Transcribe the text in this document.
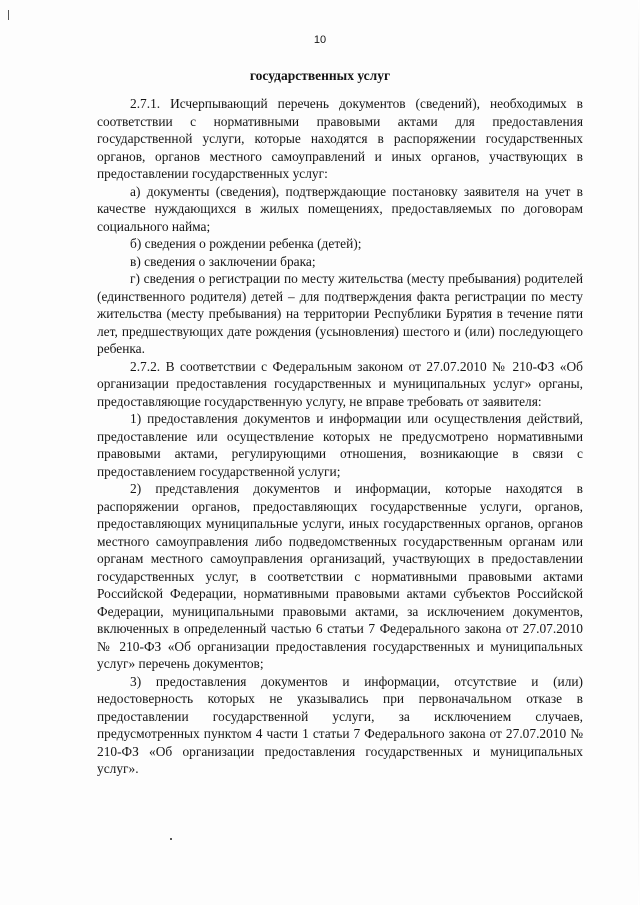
10
государственных услуг

2.7.1. Исчерпывающий перечень документов (сведений), необходимых в соответствии с нормативными правовыми актами для предоставления государственной услуги, которые находятся в распоряжении государственных органов, органов местного самоуправлений и иных органов, участвующих в предоставлении государственных услуг:

а) документы (сведения), подтверждающие постановку заявителя на учет в качестве нуждающихся в жилых помещениях, предоставляемых по договорам социального найма;

б) сведения о рождении ребенка (детей);

в) сведения о заключении брака;

г) сведения о регистрации по месту жительства (месту пребывания) родителей (единственного родителя) детей – для подтверждения факта регистрации по месту жительства (месту пребывания) на территории Республики Бурятия в течение пяти лет, предшествующих дате рождения (усыновления) шестого и (или) последующего ребенка.

2.7.2. В соответствии с Федеральным законом от 27.07.2010 № 210-ФЗ «Об организации предоставления государственных и муниципальных услуг» органы, предоставляющие государственную услугу, не вправе требовать от заявителя:

1) предоставления документов и информации или осуществления действий, предоставление или осуществление которых не предусмотрено нормативными правовыми актами, регулирующими отношения, возникающие в связи с предоставлением государственной услуги;

2) представления документов и информации, которые находятся в распоряжении органов, предоставляющих государственные услуги, органов, предоставляющих муниципальные услуги, иных государственных органов, органов местного самоуправления либо подведомственных государственным органам или органам местного самоуправления организаций, участвующих в предоставлении государственных услуг, в соответствии с нормативными правовыми актами Российской Федерации, нормативными правовыми актами субъектов Российской Федерации, муниципальными правовыми актами, за исключением документов, включенных в определенный частью 6 статьи 7 Федерального закона от 27.07.2010 № 210-ФЗ «Об организации предоставления государственных и муниципальных услуг» перечень документов;

3) предоставления документов и информации, отсутствие и (или) недостоверность которых не указывались при первоначальном отказе в предоставлении государственной услуги, за исключением случаев, предусмотренных пунктом 4 части 1 статьи 7 Федерального закона от 27.07.2010 № 210-ФЗ «Об организации предоставления государственных и муниципальных услуг».
